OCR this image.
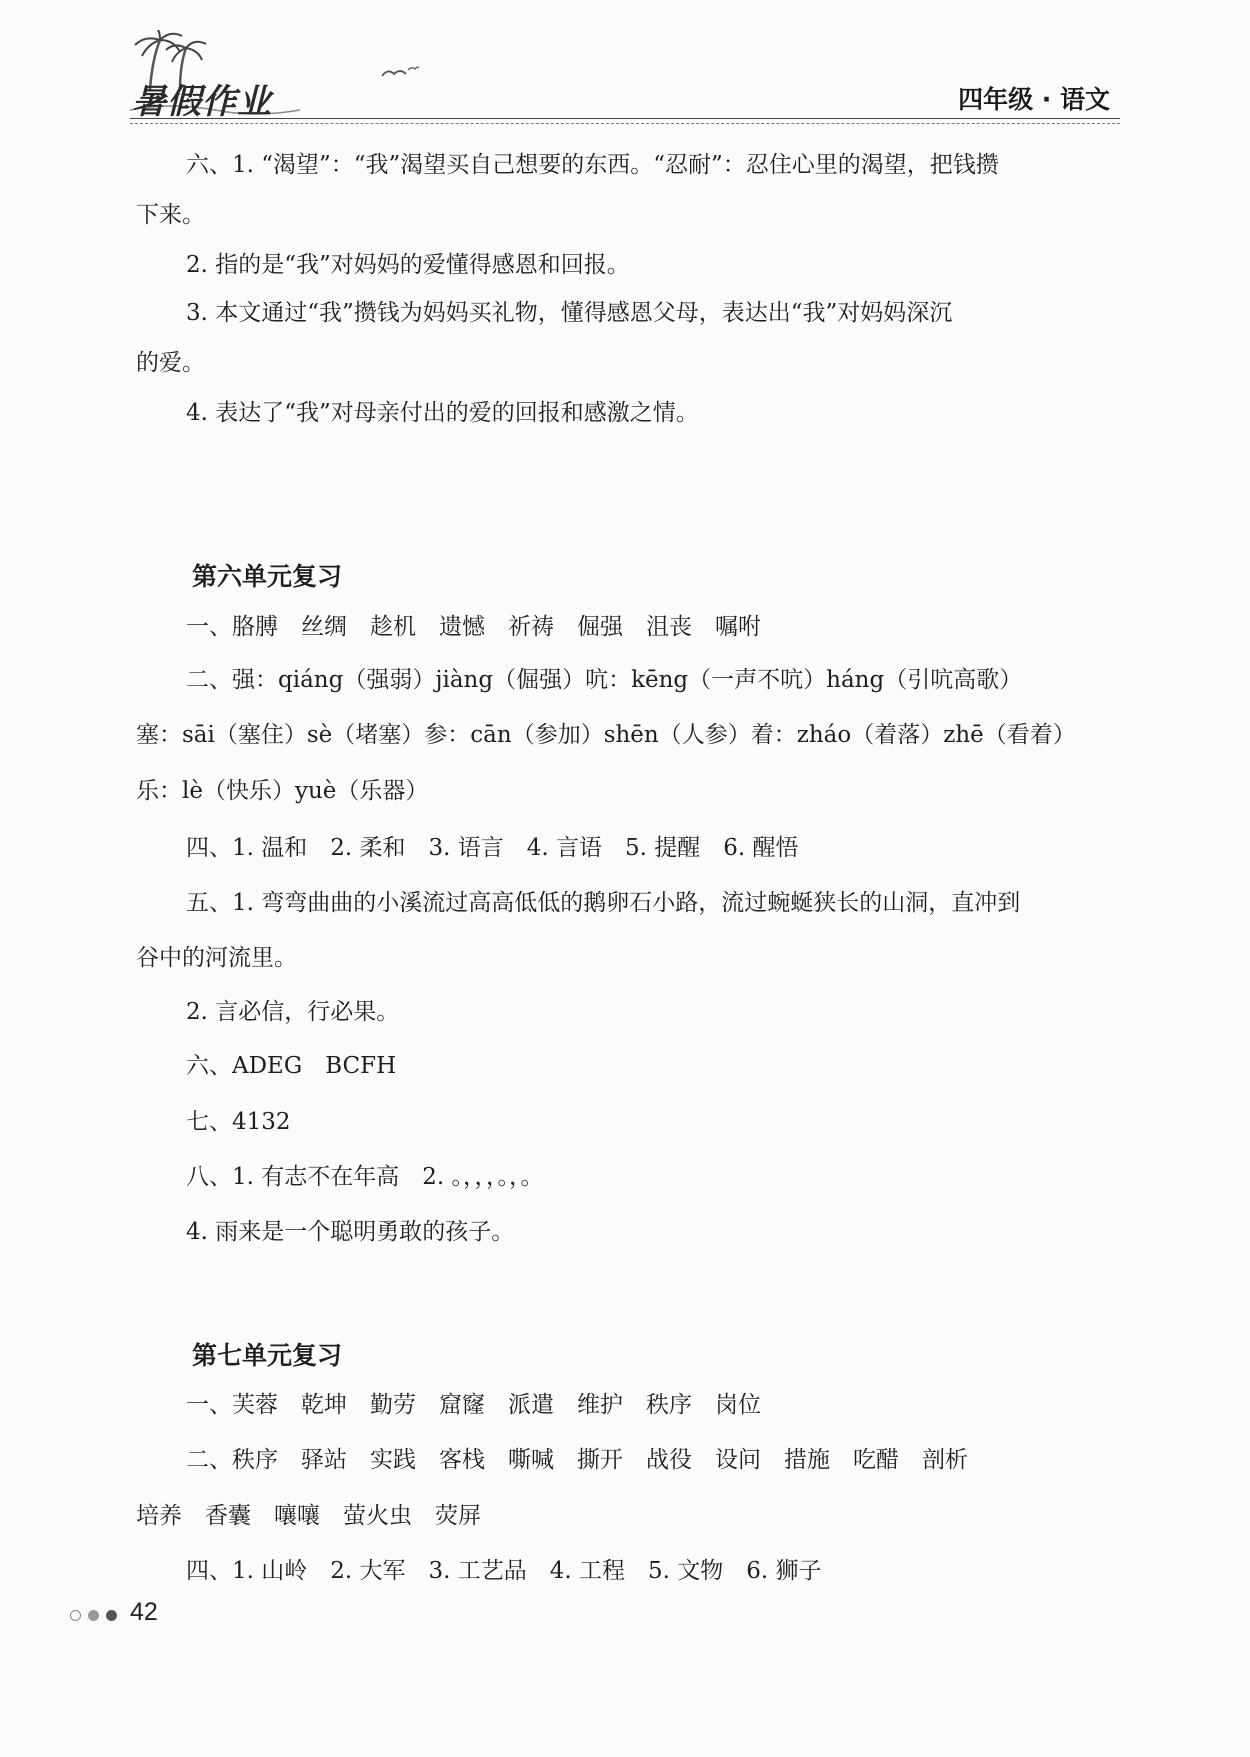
暑假作业	四年级 · 语文
六、1. “渴望”：“我”渴望买自己想要的东西。“忍耐”：忍住心里的渴望，把钱攒
下来。
2. 指的是“我”对妈妈的爱懂得感恩和回报。
3. 本文通过“我”攒钱为妈妈买礼物，懂得感恩父母，表达出“我”对妈妈深沉
的爱。
4. 表达了“我”对母亲付出的爱的回报和感激之情。
第六单元复习
一、胳膊　丝绸　趁机　遗憾　祈祷　倔强　沮丧　嘱咐
二、强：qiáng（强弱）jiàng（倔强）吭：kēng（一声不吭）háng（引吭高歌）
塞：sāi（塞住）sè（堵塞）参：cān（参加）shēn（人参）着：zháo（着落）zhē（看着）
乐：lè（快乐）yuè（乐器）
四、1. 温和　2. 柔和　3. 语言　4. 言语　5. 提醒　6. 醒悟
五、1. 弯弯曲曲的小溪流过高高低低的鹅卵石小路，流过蜿蜒狭长的山洞，直冲到
谷中的河流里。
2. 言必信，行必果。
六、ADEG　BCFH
七、4132
八、1. 有志不在年高　2. 。，，，。，。
4. 雨来是一个聪明勇敢的孩子。
第七单元复习
一、芙蓉　乾坤　勤劳　窟窿　派遣　维护　秩序　岗位
二、秩序　驿站　实践　客栈　嘶喊　撕开　战役　设问　措施　吃醋　剖析
培养　香囊　嚷嚷　萤火虫　荧屏
四、1. 山岭　2. 大军　3. 工艺品　4. 工程　5. 文物　6. 狮子
42
